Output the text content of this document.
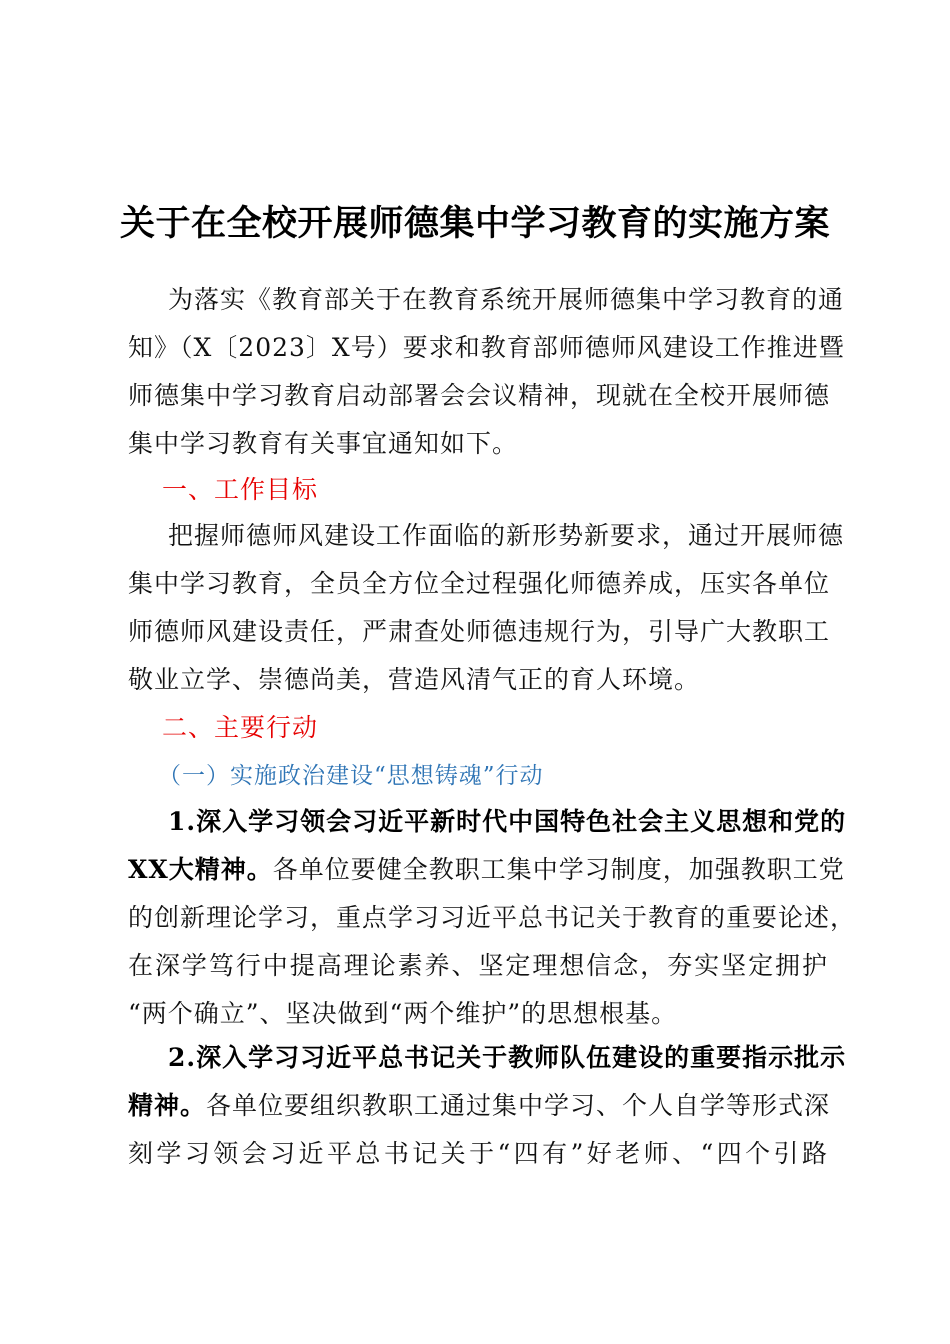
关于在全校开展师德集中学习教育的实施方案
为落实《教育部关于在教育系统开展师德集中学习教育的通
知》（X〔2023〕X号）要求和教育部师德师风建设工作推进暨
师德集中学习教育启动部署会会议精神，现就在全校开展师德
集中学习教育有关事宜通知如下。
一、工作目标
把握师德师风建设工作面临的新形势新要求，通过开展师德
集中学习教育，全员全方位全过程强化师德养成，压实各单位
师德师风建设责任，严肃查处师德违规行为，引导广大教职工
敬业立学、崇德尚美，营造风清气正的育人环境。
二、主要行动
（一）实施政治建设“思想铸魂”行动
1.深入学习领会习近平新时代中国特色社会主义思想和党的
XX大精神。各单位要健全教职工集中学习制度，加强教职工党
的创新理论学习，重点学习习近平总书记关于教育的重要论述，
在深学笃行中提高理论素养、坚定理想信念，夯实坚定拥护
“两个确立”、坚决做到“两个维护”的思想根基。
2.深入学习习近平总书记关于教师队伍建设的重要指示批示
精神。各单位要组织教职工通过集中学习、个人自学等形式深
刻学习领会习近平总书记关于“四有”好老师、“四个引路
